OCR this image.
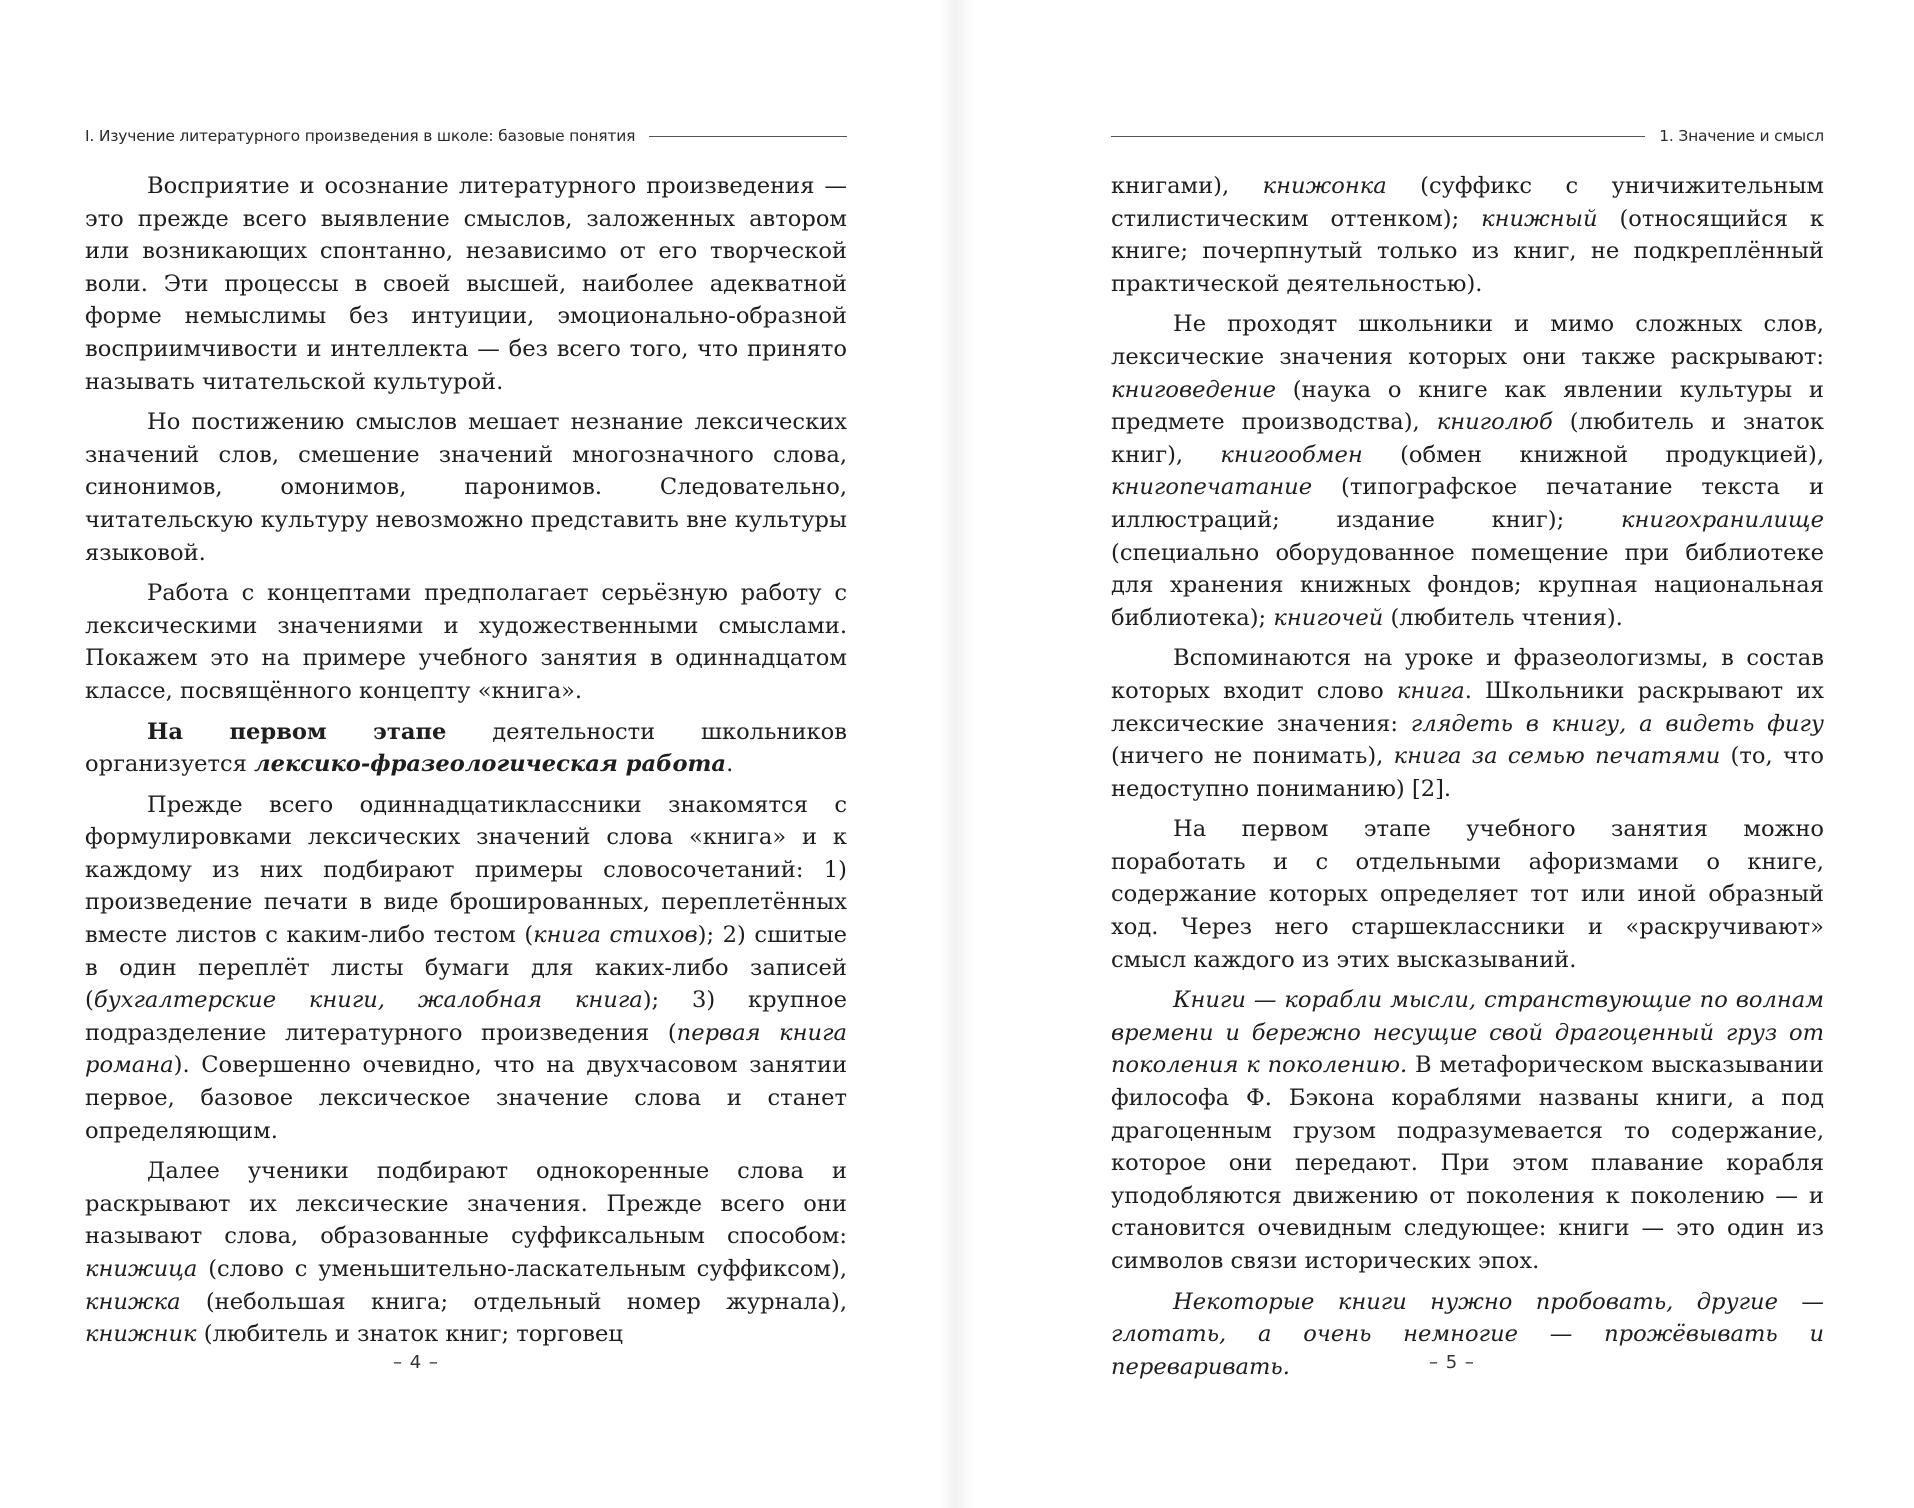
I. Изучение литературного произведения в школе: базовые понятия

Восприятие и осознание литературного произведения — это прежде всего выявление смыслов, заложенных автором или возникающих спонтанно, независимо от его творческой воли. Эти процессы в своей высшей, наиболее адекватной форме немыслимы без интуиции, эмоционально-образной восприимчивости и интеллекта — без всего того, что принято называть читательской культурой.

Но постижению смыслов мешает незнание лексических значений слов, смешение значений многозначного слова, синонимов, омонимов, паронимов. Следовательно, читательскую культуру невозможно представить вне культуры языковой.

Работа с концептами предполагает серьёзную работу с лексическими значениями и художественными смыслами. Покажем это на примере учебного занятия в одиннадцатом классе, посвящённого концепту «книга».

На первом этапе деятельности школьников организуется лексико-фразеологическая работа.

Прежде всего одиннадцатиклассники знакомятся с формулировками лексических значений слова «книга» и к каждому из них подбирают примеры словосочетаний: 1) произведение печати в виде брошированных, переплетённых вместе листов с каким-либо тестом (книга стихов); 2) сшитые в один переплёт листы бумаги для каких-либо записей (бухгалтерские книги, жалобная книга); 3) крупное подразделение литературного произведения (первая книга романа). Совершенно очевидно, что на двухчасовом занятии первое, базовое лексическое значение слова и станет определяющим.

Далее ученики подбирают однокоренные слова и раскрывают их лексические значения. Прежде всего они называют слова, образованные суффиксальным способом: книжица (слово с уменьшительно-ласкательным суффиксом), книжка (небольшая книга; отдельный номер журнала), книжник (любитель и знаток книг; торговец

– 4 –
1. Значение и смысл

книгами), книжонка (суффикс с уничижительным стилистическим оттенком); книжный (относящийся к книге; почерпнутый только из книг, не подкреплённый практической деятельностью).

Не проходят школьники и мимо сложных слов, лексические значения которых они также раскрывают: книговедение (наука о книге как явлении культуры и предмете производства), книголюб (любитель и знаток книг), книгообмен (обмен книжной продукцией), книгопечатание (типографское печатание текста и иллюстраций; издание книг); книгохранилище (специально оборудованное помещение при библиотеке для хранения книжных фондов; крупная национальная библиотека); книгочей (любитель чтения).

Вспоминаются на уроке и фразеологизмы, в состав которых входит слово книга. Школьники раскрывают их лексические значения: глядеть в книгу, а видеть фигу (ничего не понимать), книга за семью печатями (то, что недоступно пониманию) [2].

На первом этапе учебного занятия можно поработать и с отдельными афоризмами о книге, содержание которых определяет тот или иной образный ход. Через него старшеклассники и «раскручивают» смысл каждого из этих высказываний.

Книги — корабли мысли, странствующие по волнам времени и бережно несущие свой драгоценный груз от поколения к поколению. В метафорическом высказывании философа Ф. Бэкона кораблями названы книги, а под драгоценным грузом подразумевается то содержание, которое они передают. При этом плавание корабля уподобляются движению от поколения к поколению — и становится очевидным следующее: книги — это один из символов связи исторических эпох.

Некоторые книги нужно пробовать, другие — глотать, а очень немногие — прожёвывать и переваривать.	– 5 –
